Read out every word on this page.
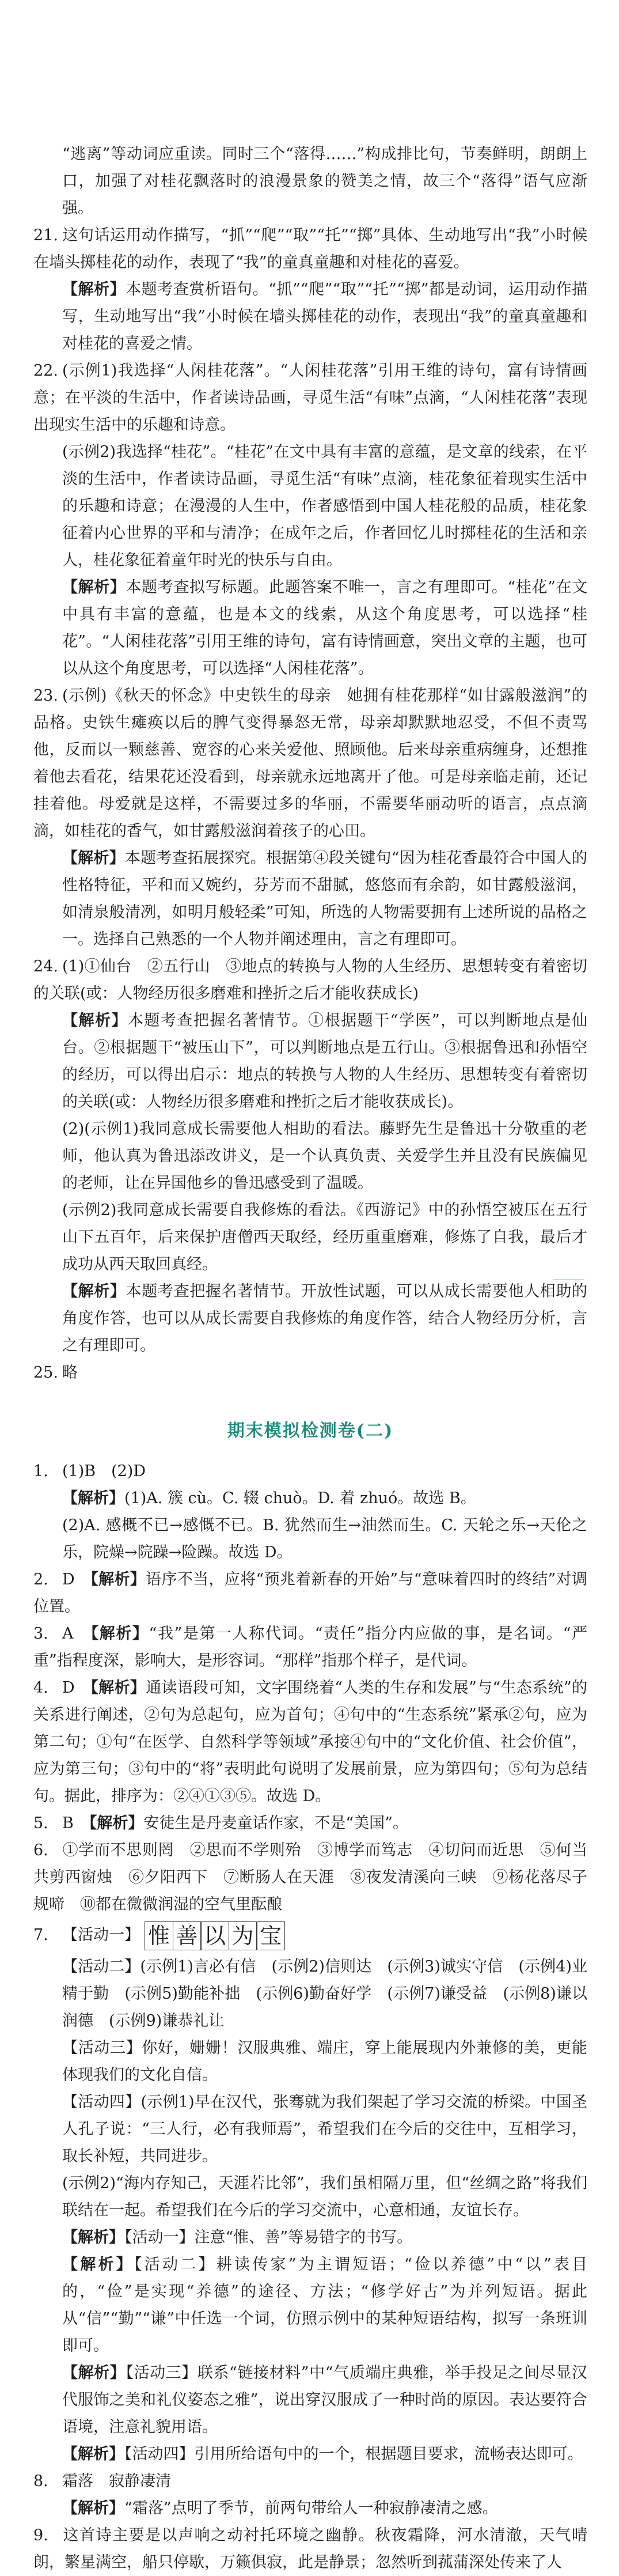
“逃离”等动词应重读。同时三个“落得……”构成排比句，节奏鲜明，朗朗上口，加强了对桂花飘落时的浪漫景象的赞美之情，故三个“落得”语气应渐强。

21. 这句话运用动作描写，“抓”“爬”“取”“托”“掷”具体、生动地写出“我”小时候在墙头掷桂花的动作，表现了“我”的童真童趣和对桂花的喜爱。

【解析】本题考查赏析语句。“抓”“爬”“取”“托”“掷”都是动词，运用动作描写，生动地写出“我”小时候在墙头掷桂花的动作，表现出“我”的童真童趣和对桂花的喜爱之情。

22. (示例1)我选择“人闲桂花落”。“人闲桂花落”引用王维的诗句，富有诗情画意；在平淡的生活中，作者读诗品画，寻觅生活“有味”点滴，“人闲桂花落”表现出现实生活中的乐趣和诗意。

(示例2)我选择“桂花”。“桂花”在文中具有丰富的意蕴，是文章的线索，在平淡的生活中，作者读诗品画，寻觅生活“有味”点滴，桂花象征着现实生活中的乐趣和诗意；在漫漫的人生中，作者感悟到中国人桂花般的品质，桂花象征着内心世界的平和与清净；在成年之后，作者回忆儿时掷桂花的生活和亲人，桂花象征着童年时光的快乐与自由。

【解析】本题考查拟写标题。此题答案不唯一，言之有理即可。“桂花”在文中具有丰富的意蕴，也是本文的线索，从这个角度思考，可以选择“桂花”。“人闲桂花落”引用王维的诗句，富有诗情画意，突出文章的主题，也可以从这个角度思考，可以选择“人闲桂花落”。

23. (示例)《秋天的怀念》中史铁生的母亲　她拥有桂花那样“如甘露般滋润”的品格。史铁生瘫痪以后的脾气变得暴怒无常，母亲却默默地忍受，不但不责骂他，反而以一颗慈善、宽容的心来关爱他、照顾他。后来母亲重病缠身，还想推着他去看花，结果花还没看到，母亲就永远地离开了他。可是母亲临走前，还记挂着他。母爱就是这样，不需要过多的华丽，不需要华丽动听的语言，点点滴滴，如桂花的香气，如甘露般滋润着孩子的心田。

【解析】本题考查拓展探究。根据第④段关键句“因为桂花香最符合中国人的性格特征，平和而又婉约，芬芳而不甜腻，悠悠而有余韵，如甘露般滋润，如清泉般清冽，如明月般轻柔”可知，所选的人物需要拥有上述所说的品格之一。选择自己熟悉的一个人物并阐述理由，言之有理即可。

24. (1)①仙台　②五行山　③地点的转换与人物的人生经历、思想转变有着密切的关联(或：人物经历很多磨难和挫折之后才能收获成长)

【解析】本题考查把握名著情节。①根据题干“学医”，可以判断地点是仙台。②根据题干“被压山下”，可以判断地点是五行山。③根据鲁迅和孙悟空的经历，可以得出启示：地点的转换与人物的人生经历、思想转变有着密切的关联(或：人物经历很多磨难和挫折之后才能收获成长)。

(2)(示例1)我同意成长需要他人相助的看法。藤野先生是鲁迅十分敬重的老师，他认真为鲁迅添改讲义，是一个认真负责、关爱学生并且没有民族偏见的老师，让在异国他乡的鲁迅感受到了温暖。

(示例2)我同意成长需要自我修炼的看法。《西游记》中的孙悟空被压在五行山下五百年，后来保护唐僧西天取经，经历重重磨难，修炼了自我，最后才成功从西天取回真经。

【解析】本题考查把握名著情节。开放性试题，可以从成长需要他人相助的角度作答，也可以从成长需要自我修炼的角度作答，结合人物经历分析，言之有理即可。

25. 略

期末模拟检测卷(二)

1. (1)B　(2)D

【解析】(1)A. 簇 cù。C. 辍 chuò。D. 着 zhuó。故选 B。

(2)A. 感概不已→感慨不已。B. 犹然而生→油然而生。C. 天轮之乐→天伦之乐，院燥→院躁→险躁。故选 D。

2. D　 【解析】语序不当，应将“预兆着新春的开始”与“意味着四时的终结”对调位置。

3. A　 【解析】“我”是第一人称代词。“责任”指分内应做的事，是名词。“严重”指程度深，影响大，是形容词。“那样”指那个样子，是代词。

4. D　 【解析】通读语段可知，文字围绕着“人类的生存和发展”与“生态系统”的关系进行阐述，②句为总起句，应为首句；④句中的“生态系统”紧承②句，应为第二句；①句“在医学、自然科学等领域”承接④句中的“文化价值、社会价值”，应为第三句；③句中的“将”表明此句说明了发展前景，应为第四句；⑤句为总结句。据此，排序为：②④①③⑤。故选 D。

5. B　 【解析】安徒生是丹麦童话作家，不是“美国”。

6. ①学而不思则罔　②思而不学则殆　③博学而笃志　④切问而近思　⑤何当共剪西窗烛　⑥夕阳西下　⑦断肠人在天涯　⑧夜发清溪向三峡　⑨杨花落尽子规啼　⑩都在微微润湿的空气里酝酿

7. 【活动一】 惟 善 以 为 宝

【活动二】(示例1)言必有信　(示例2)信则达　(示例3)诚实守信　(示例4)业精于勤　(示例5)勤能补拙　(示例6)勤奋好学　(示例7)谦受益　(示例8)谦以润德　(示例9)谦恭礼让

【活动三】你好，姗姗！汉服典雅、端庄，穿上能展现内外兼修的美，更能体现我们的文化自信。

【活动四】(示例1)早在汉代，张骞就为我们架起了学习交流的桥梁。中国圣人孔子说：“三人行，必有我师焉”，希望我们在今后的交往中，互相学习，取长补短，共同进步。

(示例2)“海内存知己，天涯若比邻”，我们虽相隔万里，但“丝绸之路”将我们联结在一起。希望我们在今后的学习交流中，心意相通，友谊长存。

【解析】【活动一】注意“惟、善”等易错字的书写。

【解析】【活动二】耕读传家”为主谓短语；“俭以养德”中“以”表目的，“俭”是实现“养德”的途径、方法；“修学好古”为并列短语。据此从“信”“勤”“谦”中任选一个词，仿照示例中的某种短语结构，拟写一条班训即可。

【解析】【活动三】联系“链接材料”中“气质端庄典雅，举手投足之间尽显汉代服饰之美和礼仪姿态之雅”，说出穿汉服成了一种时尚的原因。表达要符合语境，注意礼貌用语。

【解析】【活动四】引用所给语句中的一个，根据题目要求，流畅表达即可。

8. 霜落　寂静凄清

【解析】“霜落”点明了季节，前两句带给人一种寂静凄清之感。

9. 这首诗主要是以声响之动衬托环境之幽静。秋夜霜降，河水清澈，天气晴朗，繁星满空，船只停歇，万籁俱寂，此是静景；忽然听到菰蒲深处传来了人
